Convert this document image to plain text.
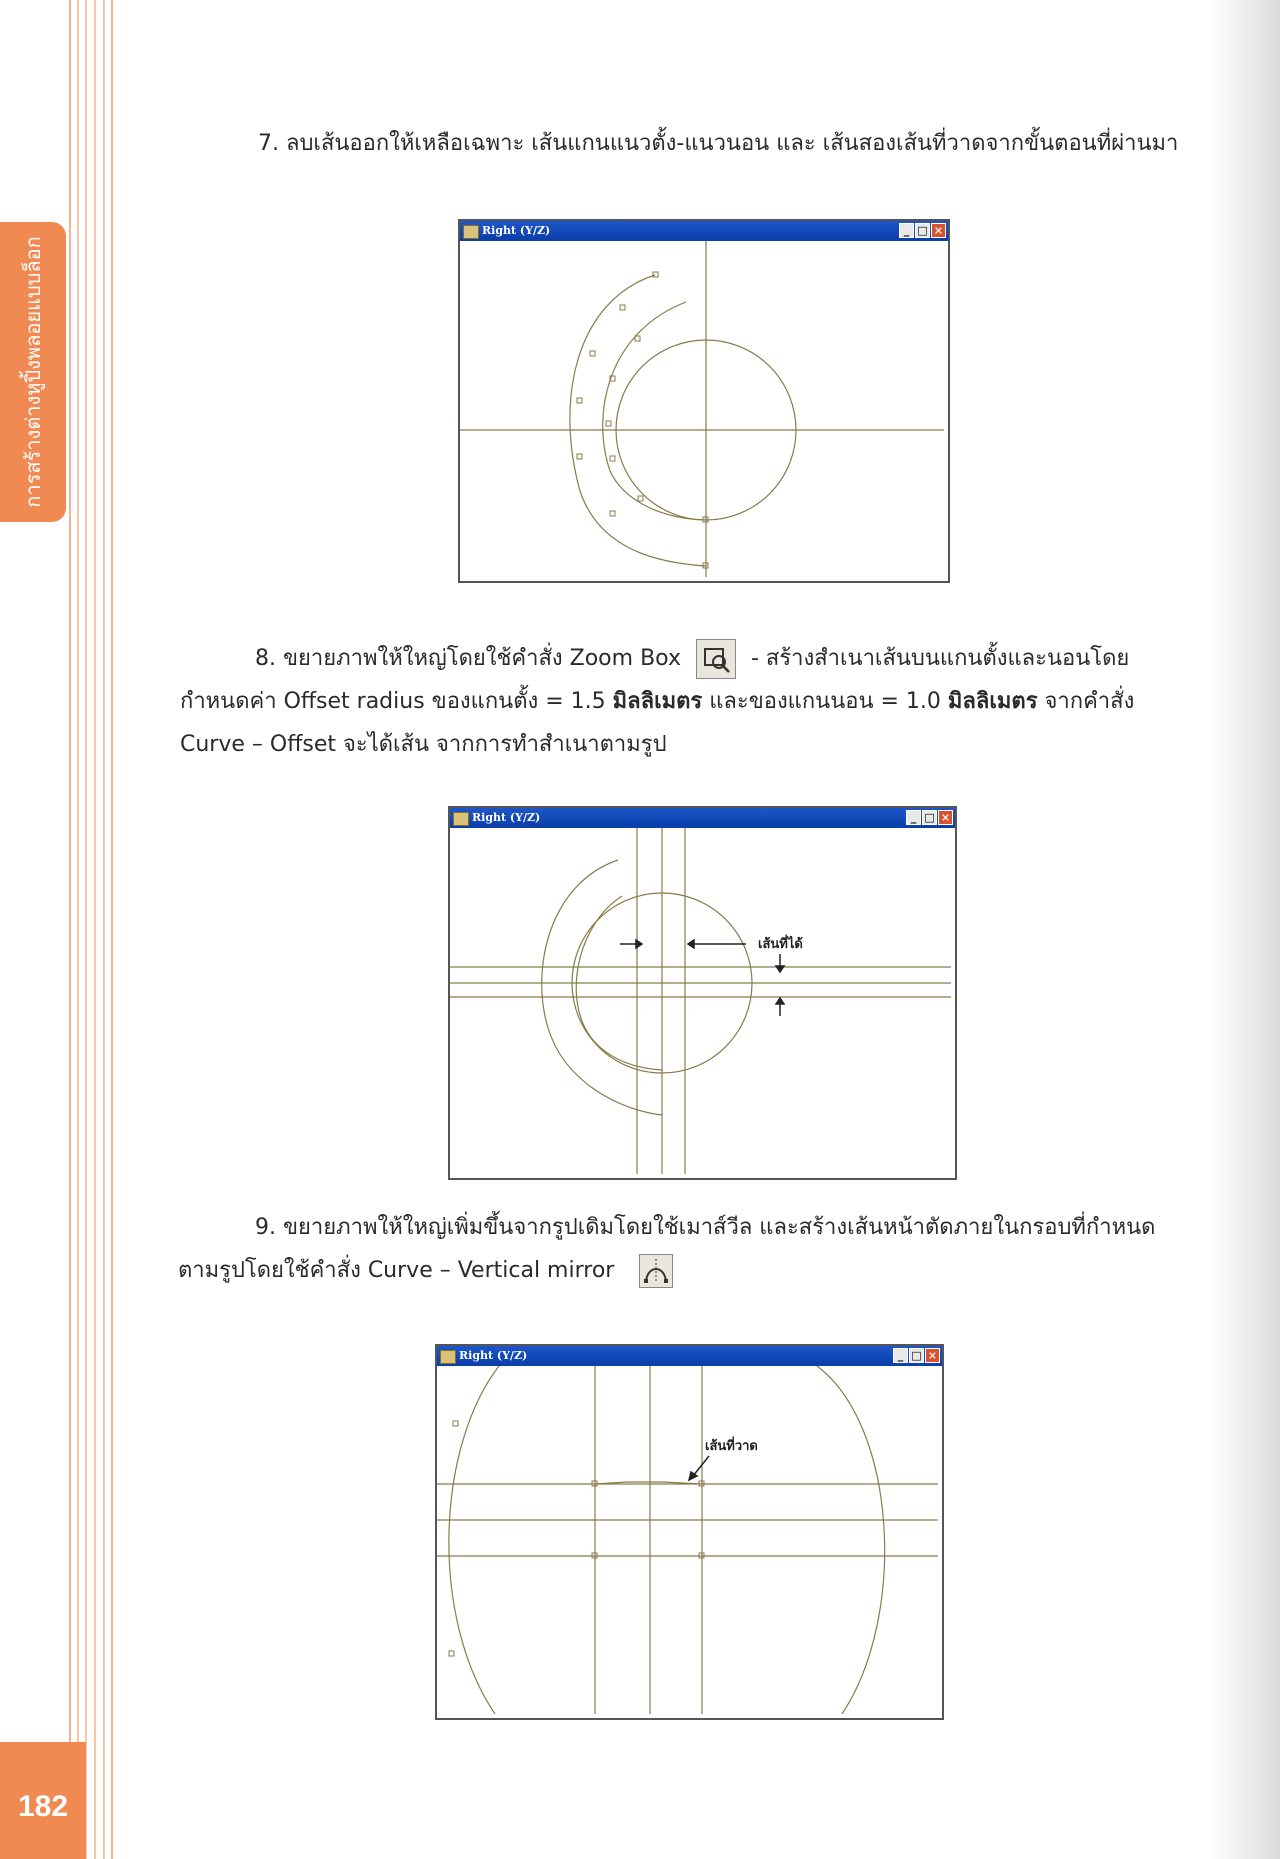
การสร้างต่างหูปิ้งพลอยแบบล็อก
182
7. ลบเส้นออกให้เหลือเฉพาะ เส้นแกนแนวตั้ง-แนวนอน และ เส้นสองเส้นที่วาดจากขั้นตอนที่ผ่านมา
Right (Y/Z)	_ □ ×
8. ขยายภาพให้ใหญ่โดยใช้คำสั่ง Zoom Box	- สร้างสำเนาเส้นบนแกนตั้งและนอนโดย
กำหนดค่า Offset radius ของแกนตั้ง = 1.5 มิลลิเมตร และของแกนนอน = 1.0 มิลลิเมตร จากคำสั่ง
Curve – Offset จะได้เส้น จากการทำสำเนาตามรูป
Right (Y/Z)	_ □ ×
เส้นที่ได้
9. ขยายภาพให้ใหญ่เพิ่มขึ้นจากรูปเดิมโดยใช้เมาส์วีล และสร้างเส้นหน้าตัดภายในกรอบที่กำหนด
ตามรูปโดยใช้คำสั่ง Curve – Vertical mirror
Right (Y/Z)	_ □ ×
เส้นที่วาด
